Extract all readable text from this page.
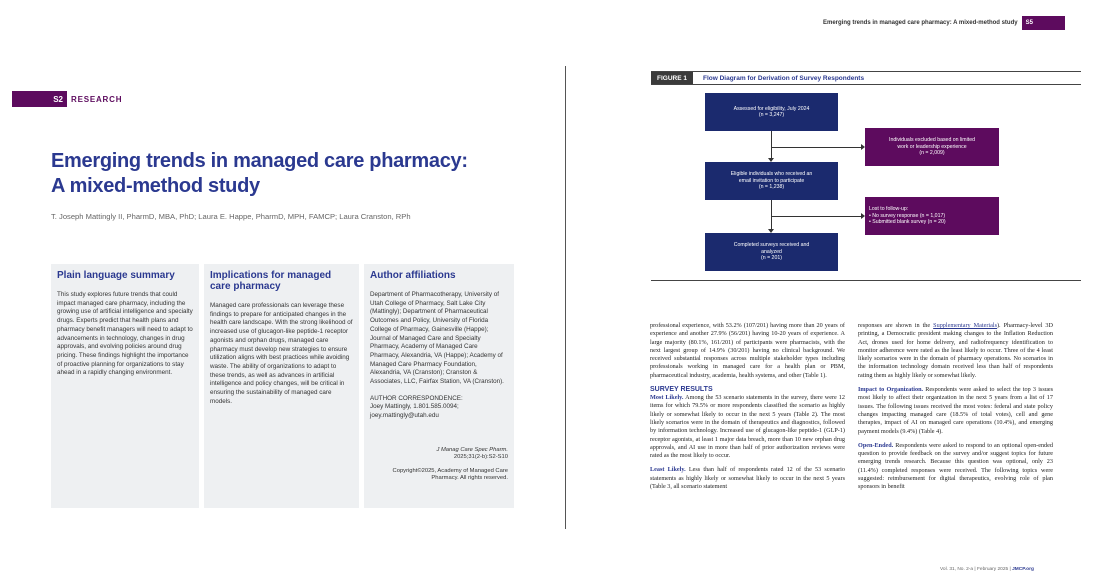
S2	RESEARCH
Emerging trends in managed care pharmacy:
A mixed-method study
T. Joseph Mattingly II, PharmD, MBA, PhD; Laura E. Happe, PharmD, MPH, FAMCP; Laura Cranston, RPh
Plain language summary
This study explores future trends that could impact managed care pharmacy, including the growing use of artificial intelligence and specialty drugs. Experts predict that health plans and pharmacy benefit managers will need to adapt to advancements in technology, changes in drug approvals, and evolving policies around drug pricing. These findings highlight the importance of proactive planning for organizations to stay ahead in a rapidly changing environment.
Implications for managed care pharmacy
Managed care professionals can leverage these findings to prepare for anticipated changes in the health care landscape. With the strong likelihood of increased use of glucagon-like peptide-1 receptor agonists and orphan drugs, managed care pharmacy must develop new strategies to ensure utilization aligns with best practices while avoiding waste. The ability of organizations to adapt to these trends, as well as advances in artificial intelligence and policy changes, will be critical in ensuring the sustainability of managed care models.
Author affiliations
Department of Pharmacotherapy, University of Utah College of Pharmacy, Salt Lake City (Mattingly); Department of Pharmaceutical Outcomes and Policy, University of Florida College of Pharmacy, Gainesville (Happe); Journal of Managed Care and Specialty Pharmacy, Academy of Managed Care Pharmacy, Alexandria, VA (Happe); Academy of Managed Care Pharmacy Foundation, Alexandria, VA (Cranston); Cranston & Associates, LLC, Fairfax Station, VA (Cranston).
AUTHOR CORRESPONDENCE:
Joey Mattingly, 1.801.585.0094;
joey.mattingly@utah.edu
J Manag Care Spec Pharm.
2025;31(2-b):S2-S10
Copyright©2025, Academy of Managed Care Pharmacy. All rights reserved.
Emerging trends in managed care pharmacy: A mixed-method study	S5
FIGURE 1	Flow Diagram for Derivation of Survey Respondents
Assessed for eligibility, July 2024
(n = 3,247)
Individuals excluded based on limited
work or leadership experience
(n = 2,009)
Eligible individuals who received an
email invitation to participate
(n = 1,238)
Lost to follow-up:
• No survey response (n = 1,017)
• Submitted blank survey (n = 20)
Completed surveys received and
analyzed
(n = 201)

professional experience, with 53.2% (107/201) having more than 20 years of experience and another 27.9% (56/201) having 10-20 years of experience. A large majority (80.1%, 161/201) of participants were pharmacists, with the next largest group of 14.9% (30/201) having no clinical background. We received substantial responses across multiple stakeholder types including professionals working in managed care for a health plan or PBM, pharmaceutical industry, academia, health systems, and other (Table 1).

SURVEY RESULTS

Most Likely. Among the 53 scenario statements in the survey, there were 12 items for which 79.5% or more respondents classified the scenario as highly likely or somewhat likely to occur in the next 5 years (Table 2). The most likely scenarios were in the domain of therapeutics and diagnostics, followed by information technology. Increased use of glucagon-like peptide-1 (GLP-1) receptor agonists, at least 1 major data breach, more than 10 new orphan drug approvals, and AI use in more than half of prior authorization reviews were rated as the most likely to occur.

Least Likely. Less than half of respondents rated 12 of the 53 scenario statements as highly likely or somewhat likely to occur in the next 5 years (Table 3, all scenario statement

responses are shown in the Supplementary Materials). Pharmacy-level 3D printing, a Democratic president making changes to the Inflation Reduction Act, drones used for home delivery, and radiofrequency identification to monitor adherence were rated as the least likely to occur. Three of the 4 least likely scenarios were in the domain of pharmacy operations. No scenarios in the information technology domain received less than half of respondents rating them as highly likely or somewhat likely.

Impact to Organization. Respondents were asked to select the top 3 issues most likely to affect their organization in the next 5 years from a list of 17 issues. The following issues received the most votes: federal and state policy changes impacting managed care (18.5% of total votes), cell and gene therapies, impact of AI on managed care operations (10.4%), and emerging payment models (9.4%) (Table 4).

Open-Ended. Respondents were asked to respond to an optional open-ended question to provide feedback on the survey and/or suggest topics for future emerging trends research. Because this question was optional, only 23 (11.4%) completed responses were received. The following topics were suggested: reimbursement for digital therapeutics, evolving role of plan sponsors in benefit

Vol. 31, No. 2-a | February 2025 | JMCP.org
